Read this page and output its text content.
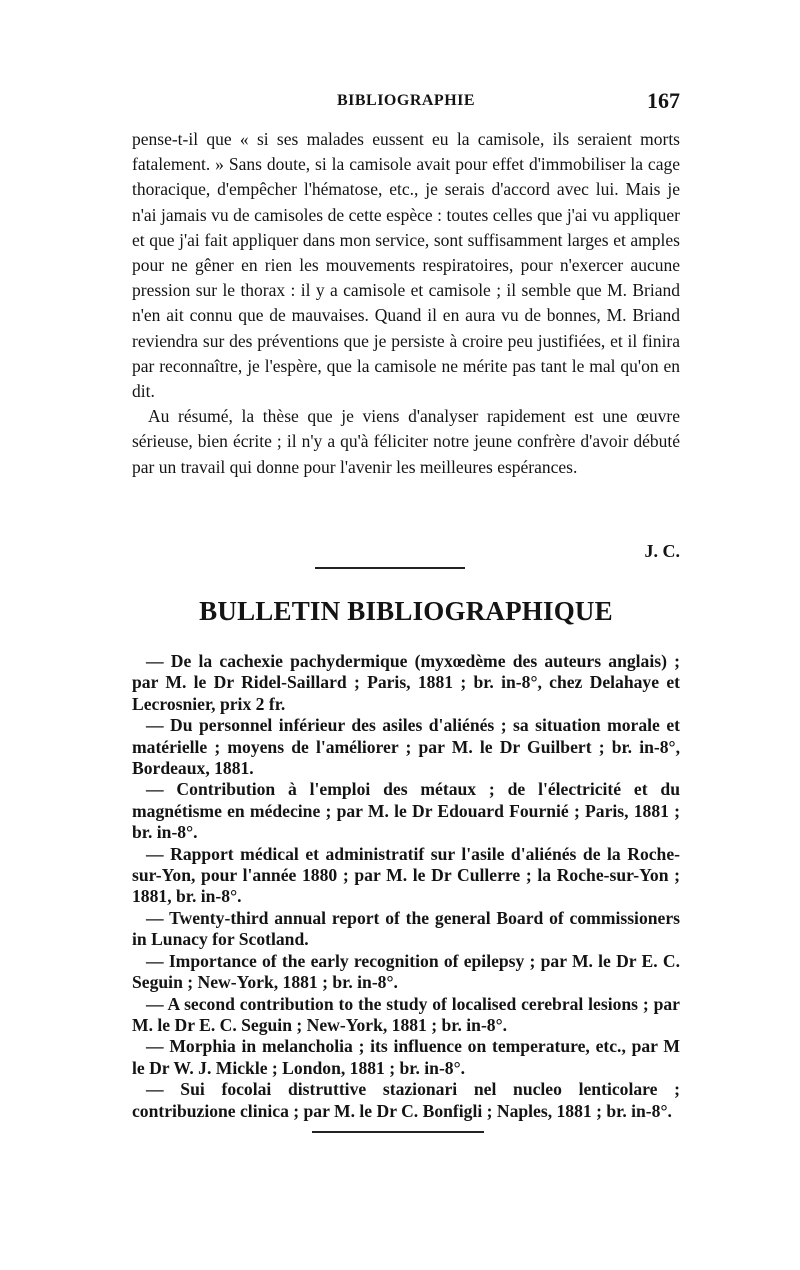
BIBLIOGRAPHIE	167

pense-t-il que « si ses malades eussent eu la camisole, ils seraient morts fatalement. » Sans doute, si la camisole avait pour effet d'immobiliser la cage thoracique, d'empêcher l'hématose, etc., je serais d'accord avec lui. Mais je n'ai jamais vu de camisoles de cette espèce : toutes celles que j'ai vu appliquer et que j'ai fait appliquer dans mon service, sont suffisamment larges et amples pour ne gêner en rien les mouvements respiratoires, pour n'exercer aucune pression sur le thorax : il y a camisole et camisole ; il semble que M. Briand n'en ait connu que de mauvaises. Quand il en aura vu de bonnes, M. Briand reviendra sur des préventions que je persiste à croire peu justifiées, et il finira par reconnaître, je l'espère, que la camisole ne mérite pas tant le mal qu'on en dit.

Au résumé, la thèse que je viens d'analyser rapidement est une œuvre sérieuse, bien écrite ; il n'y a qu'à féliciter notre jeune confrère d'avoir débuté par un travail qui donne pour l'avenir les meilleures espérances.

J. C.
BULLETIN BIBLIOGRAPHIQUE

— De la cachexie pachydermique (myxœdème des auteurs anglais) ; par M. le Dr Ridel-Saillard ; Paris, 1881 ; br. in-8°, chez Delahaye et Lecrosnier, prix 2 fr.

— Du personnel inférieur des asiles d'aliénés ; sa situation morale et matérielle ; moyens de l'améliorer ; par M. le Dr Guilbert ; br. in-8°, Bordeaux, 1881.

— Contribution à l'emploi des métaux ; de l'électricité et du magnétisme en médecine ; par M. le Dr Edouard Fournié ; Paris, 1881 ; br. in-8°.

— Rapport médical et administratif sur l'asile d'aliénés de la Roche-sur-Yon, pour l'année 1880 ; par M. le Dr Cullerre ; la Roche-sur-Yon ; 1881, br. in-8°.

— Twenty-third annual report of the general Board of commissioners in Lunacy for Scotland.

— Importance of the early recognition of epilepsy ; par M. le Dr E. C. Seguin ; New-York, 1881 ; br. in-8°.

— A second contribution to the study of localised cerebral lesions ; par M. le Dr E. C. Seguin ; New-York, 1881 ; br. in-8°.

— Morphia in melancholia ; its influence on temperature, etc., par M le Dr W. J. Mickle ; London, 1881 ; br. in-8°.

— Sui focolai distruttive stazionari nel nucleo lenticolare ; contribuzione clinica ; par M. le Dr C. Bonfigli ; Naples, 1881 ; br. in-8°.
